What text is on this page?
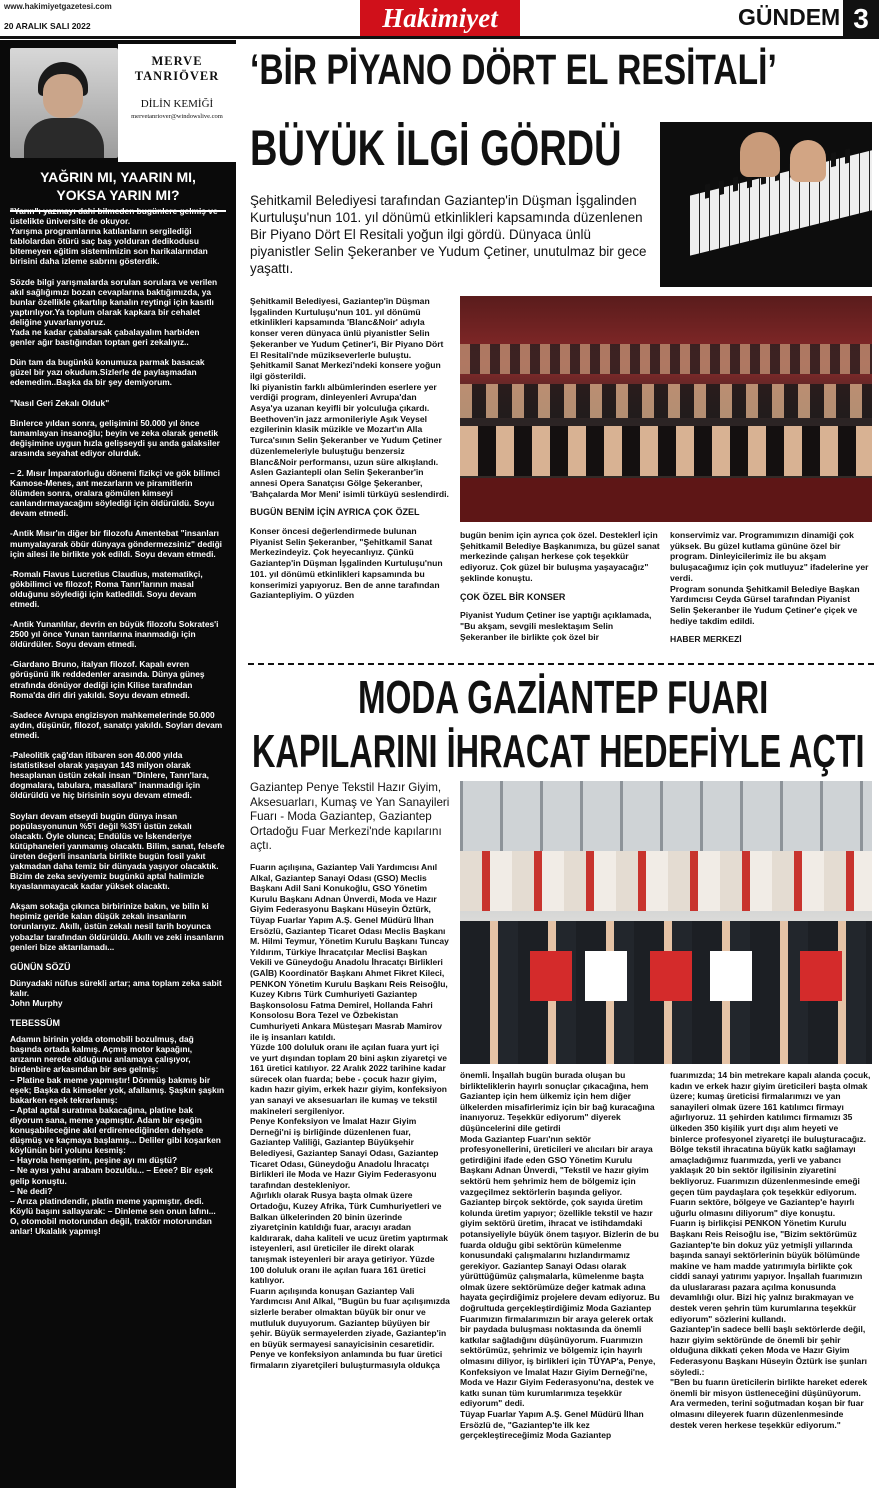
www.hakimiyetgazetesi.com
20 ARALIK SALI 2022	Hakimiyet	GÜNDEM 3
MERVE
TANRIÖVER
DİLİN KEMİĞİ
mervetanriover@windowslive.com
YAĞRIN MI, YAARIN MI,
YOKSA YARIN MI?

"Yarın"ı yazmayı dahi bilmeden bugünlere gelmiş ve üstelikte üniversite de okuyor.
Yarışma programlarına katılanların sergilediği tablolardan ötürü saç baş yolduran dedikodusu bitemeyen eğitim sistemimizin son harikalarından birisini daha izleme sabrını gösterdik.

Sözde bilgi yarışmalarda sorulan sorulara ve verilen akıl sağlığımızı bozan cevaplarına baktığımızda, ya bunlar özellikle çıkartılıp kanalın reytingi için kasıtlı yaptırılıyor.Ya toplum olarak kapkara bir cehalet deliğine yuvarlanıyoruz.
Yada ne kadar çabalarsak çabalayalım harbiden genler ağır bastığından toptan geri zekalıyız..

Dün tam da bugünkü konumuza parmak basacak güzel bir yazı okudum.Sizlerle de paylaşmadan edemedim..Başka da bir şey demiyorum.

"Nasıl Geri Zekalı Olduk"

Binlerce yıldan sonra, gelişimini 50.000 yıl önce tamamlayan insanoğlu; beyin ve zeka olarak genetik değişimine uygun hızla gelişseydi şu anda galaksiler arasında seyahat ediyor olurduk.

– 2. Mısır İmparatorluğu dönemi fizikçi ve gök bilimci Kamose-Menes, ant mezarların ve piramitlerin ölümden sonra, oralara gömülen kimseyi canlandırmayacağını söylediği için öldürüldü. Soyu devam etmedi.

-Antik Mısır'ın diğer bir filozofu Amentebat "insanları mumyalayarak öbür dünyaya göndermezsiniz" dediği için ailesi ile birlikte yok edildi. Soyu devam etmedi.

-Romalı Flavus Lucretius Claudius, matematikçi, gökbilimci ve filozof; Roma Tanrı'larının masal olduğunu söylediği için katledildi. Soyu devam etmedi.

-Antik Yunanlılar, devrin en büyük filozofu Sokrates'i 2500 yıl önce Yunan tanrılarına inanmadığı için öldürdüler. Soyu devam etmedi.

-Giardano Bruno, italyan filozof. Kapalı evren görüşünü ilk reddedenler arasında. Dünya güneş etrafında dönüyor dediği için Kilise tarafından Roma'da diri diri yakıldı. Soyu devam etmedi.

-Sadece Avrupa engizisyon mahkemelerinde 50.000 aydın, düşünür, filozof, sanatçı yakıldı. Soyları devam etmedi.

-Paleolitik çağ'dan itibaren son 40.000 yılda istatistiksel olarak yaşayan 143 milyon olarak hesaplanan üstün zekalı insan "Dinlere, Tanrı'lara, dogmalara, tabulara, masallara" inanmadığı için öldürüldü ve hiç birisinin soyu devam etmedi.

Soyları devam etseydi bugün dünya insan popülasyonunun %5'i değil %35'i üstün zekalı olacaktı. Öyle olunca; Endülüs ve İskenderiye kütüphaneleri yanmamış olacaktı. Bilim, sanat, felsefe üreten değerli insanlarla birlikte bugün fosil yakıt yakmadan daha temiz bir dünyada yaşıyor olacaktık. Bizim de zeka seviyemiz bugünkü aptal halimizle kıyaslanmayacak kadar yüksek olacaktı.

Akşam sokağa çıkınca birbirinize bakın, ve bilin ki hepimiz geride kalan düşük zekalı insanların torunlarıyız. Akıllı, üstün zekalı nesil tarih boyunca yobazlar tarafından öldürüldü. Akıllı ve zeki insanların genleri bize aktarılamadı...

GÜNÜN SÖZÜ

Dünyadaki nüfus sürekli artar; ama toplam zeka sabit kalır.
John Murphy

TEBESSÜM

Adamın birinin yolda otomobili bozulmuş, dağ başında ortada kalmış. Açmış motor kapağını, arızanın nerede olduğunu anlamaya çalışıyor, birdenbire arkasından bir ses gelmiş:
– Platine bak meme yapmıştır! Dönmüş bakmış bir eşek; Başka da kimseler yok, afallamış. Şaşkın şaşkın bakarken eşek tekrarlamış:
– Aptal aptal suratıma bakacağına, platine bak diyorum sana, meme yapmıştır. Adam bir eşeğin konuşabileceğine akıl erdiremediğinden dehşete düşmüş ve kaçmaya başlamış... Deliler gibi koşarken köylünün biri yolunu kesmiş:
– Hayrola hemşerim, peşine ayı mı düştü?
– Ne ayısı yahu arabam bozuldu... – Eeee? Bir eşek gelip konuştu.
– Ne dedi?
– Arıza platindendir, platin meme yapmıştır, dedi. Köylü başını sallayarak: – Dinleme sen onun lafını... O, otomobil motorundan değil, traktör motorundan anlar! Ukalalık yapmış!

‘BİR PİYANO DÖRT EL RESİTALİ’
BÜYÜK İLGİ GÖRDÜ
Şehitkamil Belediyesi tarafından Gaziantep'in Düşman İşgalinden Kurtuluşu'nun 101. yıl dönümü etkinlikleri kapsamında düzenlenen Bir Piyano Dört El Resitali yoğun ilgi gördü. Dünyaca ünlü piyanistler Selin Şekeranber ve Yudum Çetiner, unutulmaz bir gece yaşattı.

Şehitkamil Belediyesi, Gaziantep'in Düşman İşgalinden Kurtuluşu'nun 101. yıl dönümü etkinlikleri kapsamında 'Blanc&Noir' adıyla konser veren dünyaca ünlü piyanistler Selin Şekeranber ve Yudum Çetiner'i, Bir Piyano Dört El Resitali'nde müzikseverlerle buluştu. Şehitkamil Sanat Merkezi'ndeki konsere yoğun ilgi gösterildi.
İki piyanistin farklı albümlerinden eserlere yer verdiği program, dinleyenleri Avrupa'dan Asya'ya uzanan keyifli bir yolculuğa çıkardı. Beethoven'in jazz armonileriyle Aşık Veysel ezgilerinin klasik müzikle ve Mozart'ın Alla Turca'sının Selin Şekeranber ve Yudum Çetiner düzenlemeleriyle buluştuğu benzersiz Blanc&Noir performansı, uzun süre alkışlandı. Aslen Gaziantepli olan Selin Şekeranber'in annesi Opera Sanatçısı Gölge Şekeranber, 'Bahçalarda Mor Meni' isimli türküyü seslendirdi.

BUGÜN BENİM İÇİN AYRICA ÇOK ÖZEL

Konser öncesi değerlendirmede bulunan Piyanist Selin Şekeranber, "Şehitkamil Sanat Merkezindeyiz. Çok heyecanlıyız. Çünkü Gaziantep'in Düşman İşgalinden Kurtuluşu'nun 101. yıl dönümü etkinlikleri kapsamında bu konserimizi yapıyoruz. Ben de anne tarafından Gaziantepliyim. O yüzden

bugün benim için ayrıca çok özel. Desteklerİ için Şehitkamil Belediye Başkanımıza, bu güzel sanat merkezinde çalışan herkese çok teşekkür ediyoruz. Çok güzel bir buluşma yaşayacağız" şeklinde konuştu.

ÇOK ÖZEL BİR KONSER

Piyanist Yudum Çetiner ise yaptığı açıklamada, "Bu akşam, sevgili meslektaşım Selin Şekeranber ile birlikte çok özel bir

konservimiz var. Programımızın dinamiği çok yüksek. Bu güzel kutlama gününe özel bir program. Dinleyicilerimiz ile bu akşam buluşacağımız için çok mutluyuz" ifadelerine yer verdi.
Program sonunda Şehitkamil Belediye Başkan Yardımcısı Ceyda Gürsel tarafından Piyanist Selin Şekeranber ile Yudum Çetiner'e çiçek ve hediye takdim edildi.

HABER MERKEZİ
MODA GAZİANTEP FUARI
KAPILARINI İHRACAT HEDEFİYLE AÇTI
Gaziantep Penye Tekstil Hazır Giyim, Aksesuarları, Kumaş ve Yan Sanayileri Fuarı - Moda Gaziantep, Gaziantep Ortadoğu Fuar Merkezi'nde kapılarını açtı.

Fuarın açılışına, Gaziantep Vali Yardımcısı Anıl Alkal, Gaziantep Sanayi Odası (GSO) Meclis Başkanı Adil Sani Konukoğlu, GSO Yönetim Kurulu Başkanı Adnan Ünverdi, Moda ve Hazır Giyim Federasyonu Başkanı Hüseyin Öztürk, Tüyap Fuarlar Yapım A.Ş. Genel Müdürü İlhan Ersözlü, Gaziantep Ticaret Odası Meclis Başkanı M. Hilmi Teymur, Yönetim Kurulu Başkanı Tuncay Yıldırım, Türkiye İhracatçılar Meclisi Başkan Vekili ve Güneydoğu Anadolu İhracatçı Birlikleri (GAİB) Koordinatör Başkanı Ahmet Fikret Kileci, PENKON Yönetim Kurulu Başkanı Reis Reisoğlu, Kuzey Kıbrıs Türk Cumhuriyeti Gaziantep Başkonsolosu Fatma Demirel, Hollanda Fahri Konsolosu Bora Tezel ve Özbekistan Cumhuriyeti Ankara Müsteşarı Masrab Mamirov ile iş insanları katıldı.
Yüzde 100 doluluk oranı ile açılan fuara yurt içi ve yurt dışından toplam 20 bini aşkın ziyaretçi ve 161 üretici katılıyor. 22 Aralık 2022 tarihine kadar sürecek olan fuarda; bebe - çocuk hazır giyim, kadın hazır giyim, erkek hazır giyim, konfeksiyon yan sanayi ve aksesuarları ile kumaş ve tekstil makineleri sergileniyor.
Penye Konfeksiyon ve İmalat Hazır Giyim Derneği'ni iş birliğinde düzenlenen fuar, Gaziantep Valiliği, Gaziantep Büyükşehir Belediyesi, Gaziantep Sanayi Odası, Gaziantep Ticaret Odası, Güneydoğu Anadolu İhracatçı Birlikleri ile Moda ve Hazır Giyim Federasyonu tarafından destekleniyor.
Ağırlıklı olarak Rusya başta olmak üzere Ortadoğu, Kuzey Afrika, Türk Cumhuriyetleri ve Balkan ülkelerinden 20 binin üzerinde ziyaretçinin katıldığı fuar, aracıyı aradan kaldırarak, daha kaliteli ve ucuz üretim yaptırmak isteyenleri, asıl üreticiler ile direkt olarak tanışmak isteyenleri bir araya getiriyor. Yüzde 100 doluluk oranı ile açılan fuara 161 üretici katılıyor.
Fuarın açılışında konuşan Gaziantep Vali Yardımcısı Anıl Alkal, "Bugün bu fuar açılışımızda sizlerle beraber olmaktan büyük bir onur ve mutluluk duyuyorum. Gaziantep büyüyen bir şehir. Büyük sermayelerden ziyade, Gaziantep'in en büyük sermayesi sanayicisinin cesaretidir. Penye ve konfeksiyon anlamında bu fuar üretici firmaların ziyaretçileri buluşturmasıyla oldukça

önemli. İnşallah bugün burada oluşan bu birlikteliklerin hayırlı sonuçlar çıkacağına, hem Gaziantep için hem ülkemiz için hem diğer ülkelerden misafirlerimiz için bir bağ kuracağına inanıyoruz. Teşekkür ediyorum" diyerek düşüncelerini dile getirdi
Moda Gaziantep Fuarı'nın sektör profesyonellerini, üreticileri ve alıcıları bir araya getirdiğini ifade eden GSO Yönetim Kurulu Başkanı Adnan Ünverdi, "Tekstil ve hazır giyim sektörü hem şehrimiz hem de bölgemiz için vazgeçilmez sektörlerin başında geliyor. Gaziantep birçok sektörde, çok sayıda üretim kolunda üretim yapıyor; özellikle tekstil ve hazır giyim sektörü üretim, ihracat ve istihdamdaki potansiyeliyle büyük önem taşıyor. Bizlerin de bu fuarda olduğu gibi sektörün kümelenme konusundaki çalışmalarını hızlandırmamız gerekiyor. Gaziantep Sanayi Odası olarak yürüttüğümüz çalışmalarla, kümelenme başta olmak üzere sektörümüze değer katmak adına hayata geçirdiğimiz projelere devam ediyoruz. Bu doğrultuda gerçekleştirdiğimiz Moda Gaziantep Fuarımızın firmalarımızın bir araya gelerek ortak bir paydada buluşması noktasında da önemli katkılar sağladığını düşünüyorum. Fuarımızın sektörümüz, şehrimiz ve bölgemiz için hayırlı olmasını diliyor, iş birlikleri için TÜYAP'a, Penye, Konfeksiyon ve İmalat Hazır Giyim Derneği'ne, Moda ve Hazır Giyim Federasyonu'na, destek ve katkı sunan tüm kurumlarımıza teşekkür ediyorum" dedi.
Tüyap Fuarlar Yapım A.Ş. Genel Müdürü İlhan Ersözlü de, "Gaziantep'te ilk kez gerçekleştireceğimiz Moda Gaziantep

fuarımızda; 14 bin metrekare kapalı alanda çocuk, kadın ve erkek hazır giyim üreticileri başta olmak üzere; kumaş üreticisi firmalarımızı ve yan sanayileri olmak üzere 161 katılımcı firmayı ağırlıyoruz. 11 şehirden katılımcı firmamızı 35 ülkeden 350 kişilik yurt dışı alım heyeti ve binlerce profesyonel ziyaretçi ile buluşturacağız. Bölge tekstil ihracatına büyük katkı sağlamayı amaçladığımız fuarımızda, yerli ve yabancı yaklaşık 20 bin sektör ilgilisinin ziyaretini bekliyoruz. Fuarımızın düzenlenmesinde emeği geçen tüm paydaşlara çok teşekkür ediyorum. Fuarın sektöre, bölgeye ve Gaziantep'e hayırlı uğurlu olmasını diliyorum" diye konuştu.
Fuarın iş birlikçisi PENKON Yönetim Kurulu Başkanı Reis Reisoğlu ise, "Bizim sektörümüz Gaziantep'te bin dokuz yüz yetmişli yıllarında başında sanayi sektörlerinin büyük bölümünde makine ve ham madde yatırımıyla birlikte çok ciddi sanayi yatırımı yapıyor. İnşallah fuarımızın da uluslararası pazara açılma konusunda devamlılığı olur. Bizi hiç yalnız bırakmayan ve destek veren şehrin tüm kurumlarına teşekkür ediyorum" sözlerini kullandı.
Gaziantep'in sadece belli başlı sektörlerde değil, hazır giyim sektöründe de önemli bir şehir olduğuna dikkati çeken Moda ve Hazır Giyim Federasyonu Başkanı Hüseyin Öztürk ise şunları söyledi.:
"Ben bu fuarın üreticilerin birlikte hareket ederek önemli bir misyon üstleneceğini düşünüyorum. Ara vermeden, terini soğutmadan koşan bir fuar olmasını dileyerek fuarın düzenlenmesinde destek veren herkese teşekkür ediyorum."
